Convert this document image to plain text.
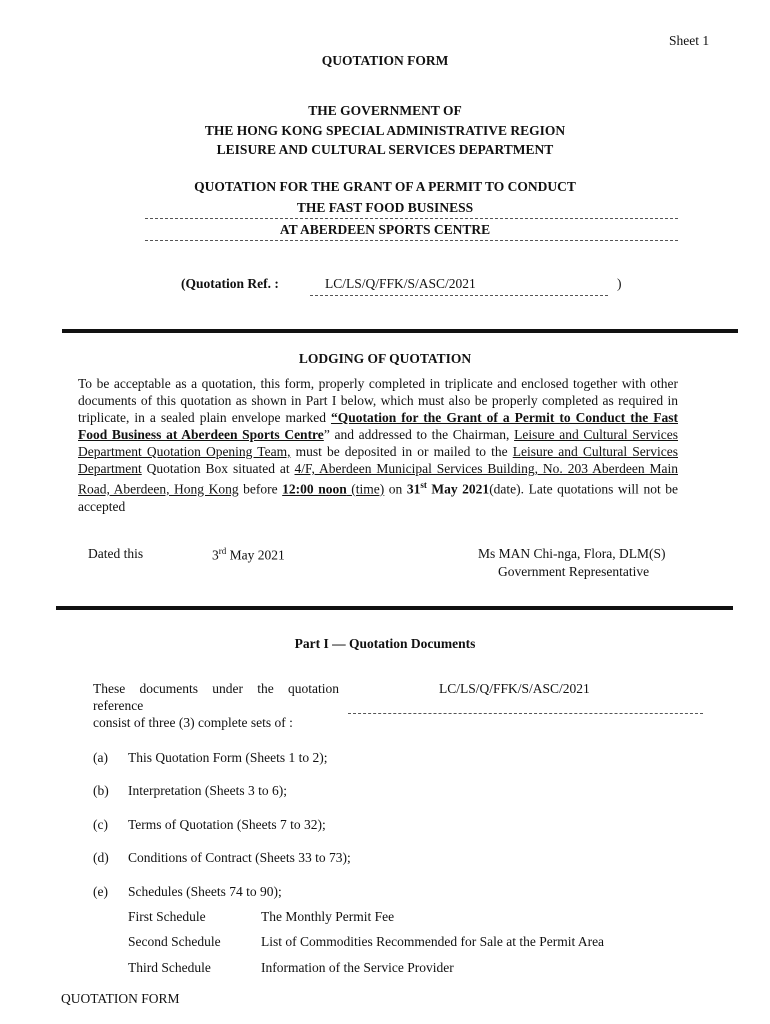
Sheet 1
QUOTATION FORM
THE GOVERNMENT OF
THE HONG KONG SPECIAL ADMINISTRATIVE REGION
LEISURE AND CULTURAL SERVICES DEPARTMENT
QUOTATION FOR THE GRANT OF A PERMIT TO CONDUCT
THE FAST FOOD BUSINESS
AT ABERDEEN SPORTS CENTRE
(Quotation Ref. :	LC/LS/Q/FFK/S/ASC/2021	)
LODGING OF QUOTATION
To be acceptable as a quotation, this form, properly completed in triplicate and enclosed together with other documents of this quotation as shown in Part I below, which must also be properly completed as required in triplicate, in a sealed plain envelope marked “Quotation for the Grant of a Permit to Conduct the Fast Food Business at Aberdeen Sports Centre” and addressed to the Chairman, Leisure and Cultural Services Department Quotation Opening Team, must be deposited in or mailed to the Leisure and Cultural Services Department Quotation Box situated at 4/F, Aberdeen Municipal Services Building, No. 203 Aberdeen Main Road, Aberdeen, Hong Kong before 12:00 noon (time) on 31st May 2021(date). Late quotations will not be accepted
Dated this	3rd May 2021	Ms MAN Chi-nga, Flora, DLM(S)
Government Representative
Part I — Quotation Documents
These documents under the quotation
reference
consist of three (3) complete sets of :
LC/LS/Q/FFK/S/ASC/2021
(a) This Quotation Form (Sheets 1 to 2);
(b) Interpretation (Sheets 3 to 6);
(c) Terms of Quotation (Sheets 7 to 32);
(d) Conditions of Contract (Sheets 33 to 73);
(e) Schedules (Sheets 74 to 90);
First Schedule	The Monthly Permit Fee
Second Schedule	List of Commodities Recommended for Sale at the Permit Area
Third Schedule	Information of the Service Provider
QUOTATION FORM
